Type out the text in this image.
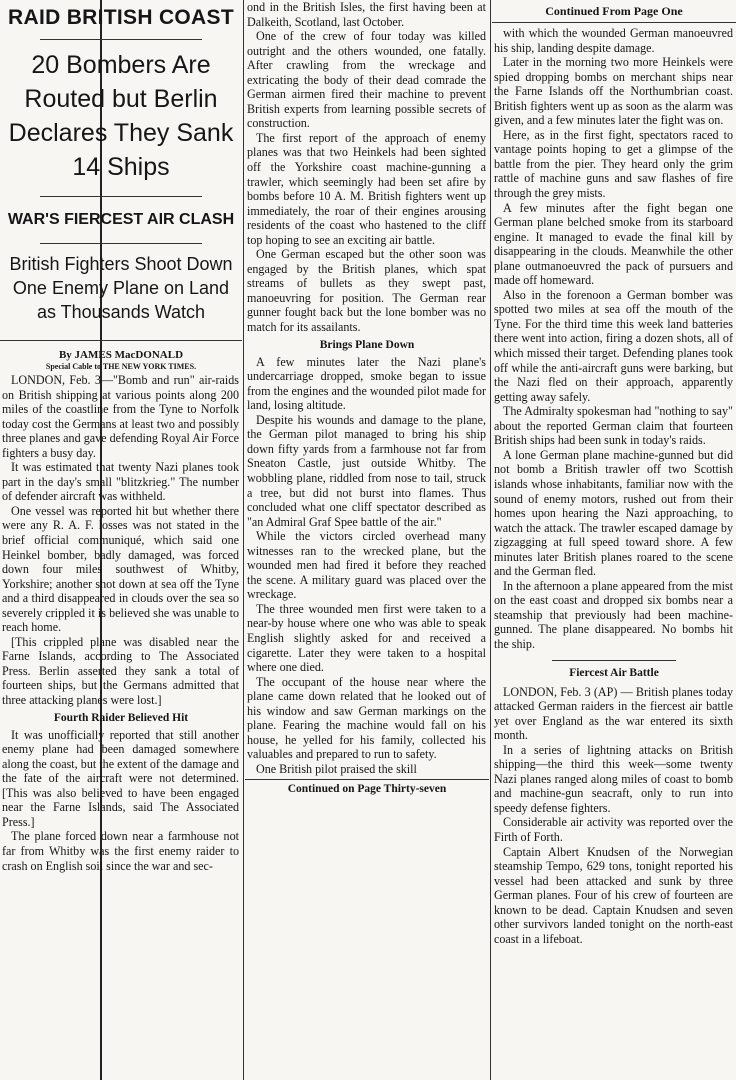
RAID BRITISH COAST
20 Bombers Are Routed but Berlin Declares They Sank 14 Ships
WAR'S FIERCEST AIR CLASH
British Fighters Shoot Down One Enemy Plane on Land as Thousands Watch
By JAMES MacDONALD
Special Cable to THE NEW YORK TIMES.

LONDON, Feb. 3—"Bomb and run" air-raids on British shipping at various points along 200 miles of the coastline from the Tyne to Norfolk today cost the Germans at least two and possibly three planes and gave defending Royal Air Force fighters a busy day.

It was estimated that twenty Nazi planes took part in the day's small "blitzkrieg." The number of defender aircraft was withheld.

One vessel was reported hit but whether there were any R. A. F. losses was not stated in the brief official communiqué, which said one Heinkel bomber, badly damaged, was forced down four miles southwest of Whitby, Yorkshire; another shot down at sea off the Tyne and a third disappeared in clouds over the sea so severely crippled it is believed she was unable to reach home.

[This crippled plane was disabled near the Farne Islands, according to The Associated Press. Berlin asserted they sank a total of fourteen ships, but the Germans admitted that three attacking planes were lost.]

Fourth Raider Believed Hit

It was unofficially reported that still another enemy plane had been damaged somewhere along the coast, but the extent of the damage and the fate of the aircraft were not determined. [This was also believed to have been engaged near the Farne Islands, said The Associated Press.]

The plane forced down near a farmhouse not far from Whitby was the first enemy raider to crash on English soil since the war and sec-

ond in the British Isles, the first having been at Dalkeith, Scotland, last October.

One of the crew of four today was killed outright and the others wounded, one fatally. After crawling from the wreckage and extricating the body of their dead comrade the German airmen fired their machine to prevent British experts from learning possible secrets of construction.

The first report of the approach of enemy planes was that two Heinkels had been sighted off the Yorkshire coast machine-gunning a trawler, which seemingly had been set afire by bombs before 10 A. M. British fighters went up immediately, the roar of their engines arousing residents of the coast who hastened to the cliff top hoping to see an exciting air battle.

One German escaped but the other soon was engaged by the British planes, which spat streams of bullets as they swept past, manoeuvring for position. The German rear gunner fought back but the lone bomber was no match for its assailants.

Brings Plane Down

A few minutes later the Nazi plane's undercarriage dropped, smoke began to issue from the engines and the wounded pilot made for land, losing altitude.

Despite his wounds and damage to the plane, the German pilot managed to bring his ship down fifty yards from a farmhouse not far from Sneaton Castle, just outside Whitby. The wobbling plane, riddled from nose to tail, struck a tree, but did not burst into flames. Thus concluded what one cliff spectator described as "an Admiral Graf Spee battle of the air."

While the victors circled overhead many witnesses ran to the wrecked plane, but the wounded men had fired it before they reached the scene. A military guard was placed over the wreckage.

The three wounded men first were taken to a near-by house where one who was able to speak English slightly asked for and received a cigarette. Later they were taken to a hospital where one died.

The occupant of the house near where the plane came down related that he looked out of his window and saw German markings on the plane. Fearing the machine would fall on his house, he yelled for his family, collected his valuables and prepared to run to safety.

One British pilot praised the skill

Continued on Page Thirty-seven
Continued From Page One

with which the wounded German manoeuvred his ship, landing despite damage.

Later in the morning two more Heinkels were spied dropping bombs on merchant ships near the Farne Islands off the Northumbrian coast. British fighters went up as soon as the alarm was given, and a few minutes later the fight was on.

Here, as in the first fight, spectators raced to vantage points hoping to get a glimpse of the battle from the pier. They heard only the grim rattle of machine guns and saw flashes of fire through the grey mists.

A few minutes after the fight began one German plane belched smoke from its starboard engine. It managed to evade the final kill by disappearing in the clouds. Meanwhile the other plane outmanoeuvred the pack of pursuers and made off homeward.

Also in the forenoon a German bomber was spotted two miles at sea off the mouth of the Tyne. For the third time this week land batteries there went into action, firing a dozen shots, all of which missed their target. Defending planes took off while the anti-aircraft guns were barking, but the Nazi fled on their approach, apparently getting away safely.

The Admiralty spokesman had "nothing to say" about the reported German claim that fourteen British ships had been sunk in today's raids.

A lone German plane machine-gunned but did not bomb a British trawler off two Scottish islands whose inhabitants, familiar now with the sound of enemy motors, rushed out from their homes upon hearing the Nazi approaching, to watch the attack. The trawler escaped damage by zigzagging at full speed toward shore. A few minutes later British planes roared to the scene and the German fled.

In the afternoon a plane appeared from the mist on the east coast and dropped six bombs near a steamship that previously had been machine-gunned. The plane disappeared. No bombs hit the ship.

Fiercest Air Battle

LONDON, Feb. 3 (AP) — British planes today attacked German raiders in the fiercest air battle yet over England as the war entered its sixth month.

In a series of lightning attacks on British shipping—the third this week—some twenty Nazi planes ranged along miles of coast to bomb and machine-gun seacraft, only to run into speedy defense fighters.

Considerable air activity was reported over the Firth of Forth.

Captain Albert Knudsen of the Norwegian steamship Tempo, 629 tons, tonight reported his vessel had been attacked and sunk by three German planes. Four of his crew of fourteen are known to be dead. Captain Knudsen and seven other survivors landed tonight on the north-east coast in a lifeboat.
